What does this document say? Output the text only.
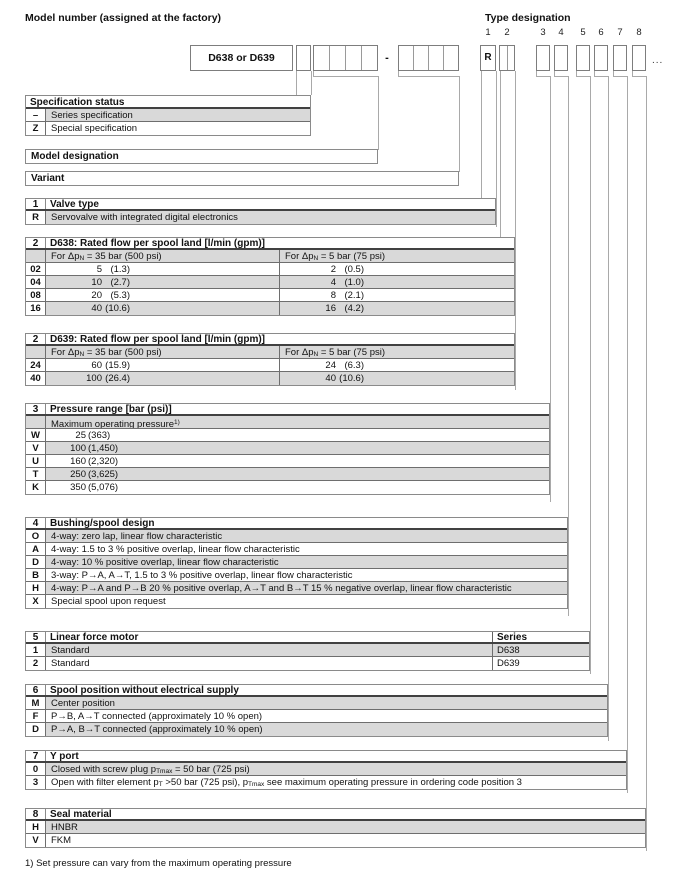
Model number (assigned at the factory)	Type designation
D638 or D639	-	...
Model designation
Variant
1) Set pressure can vary from the maximum operating pressure
1
R
2	3	4	5	6	7	8
Specification status
–	Series specification
Z	Special specification
1	Valve type
R	Servovalve with integrated digital electronics
2	D638: Rated flow per spool land [l/min (gpm)]
For $\Delta p_N = 35$ bar (500 psi)	For $\Delta p_N = 5$ bar (75 psi)
02	5 (1.3)	2 (0.5)
04	10 (2.7)	4 (1.0)
08	20 (5.3)	8 (2.1)
16	40 (10.6)	16 (4.2)
2	D639: Rated flow per spool land [l/min (gpm)]
For $\Delta p_N = 35$ bar (500 psi)	For $\Delta p_N = 5$ bar (75 psi)
24	60 (15.9)	24 (6.3)
40	100 (26.4)	40 (10.6)
3	Pressure range [bar (psi)]
Maximum operating pressure$^{1)}$
W	25 (363)
V	100 (1,450)
U	160 (2,320)
T	250 (3,625)
K	350 (5,076)
4	Bushing/spool design
O	4-way: zero lap, linear flow characteristic
A	4-way: 1.5 to 3 % positive overlap, linear flow characteristic
D	4-way: 10 % positive overlap, linear flow characteristic
B	3-way: P→A, A→T, 1.5 to 3 % positive overlap, linear flow characteristic
H	4-way: P→A and P→B 20 % positive overlap, A→T and B→T 15 % negative overlap, linear flow characteristic
X	Special spool upon request
5	Linear force motor	Series
1	Standard	D638
2	Standard	D639
6	Spool position without electrical supply
M	Center position
F	P→B, A→T connected (approximately 10 % open)
D	P→A, B→T connected (approximately 10 % open)
7	Y port
0	Closed with screw plug $p_{Tmax} = 50$ bar (725 psi)
3	Open with filter element $p_T >50$ bar (725 psi), $p_{Tmax}$ see maximum operating pressure in ordering code position 3
8	Seal material
H	HNBR
V	FKM
